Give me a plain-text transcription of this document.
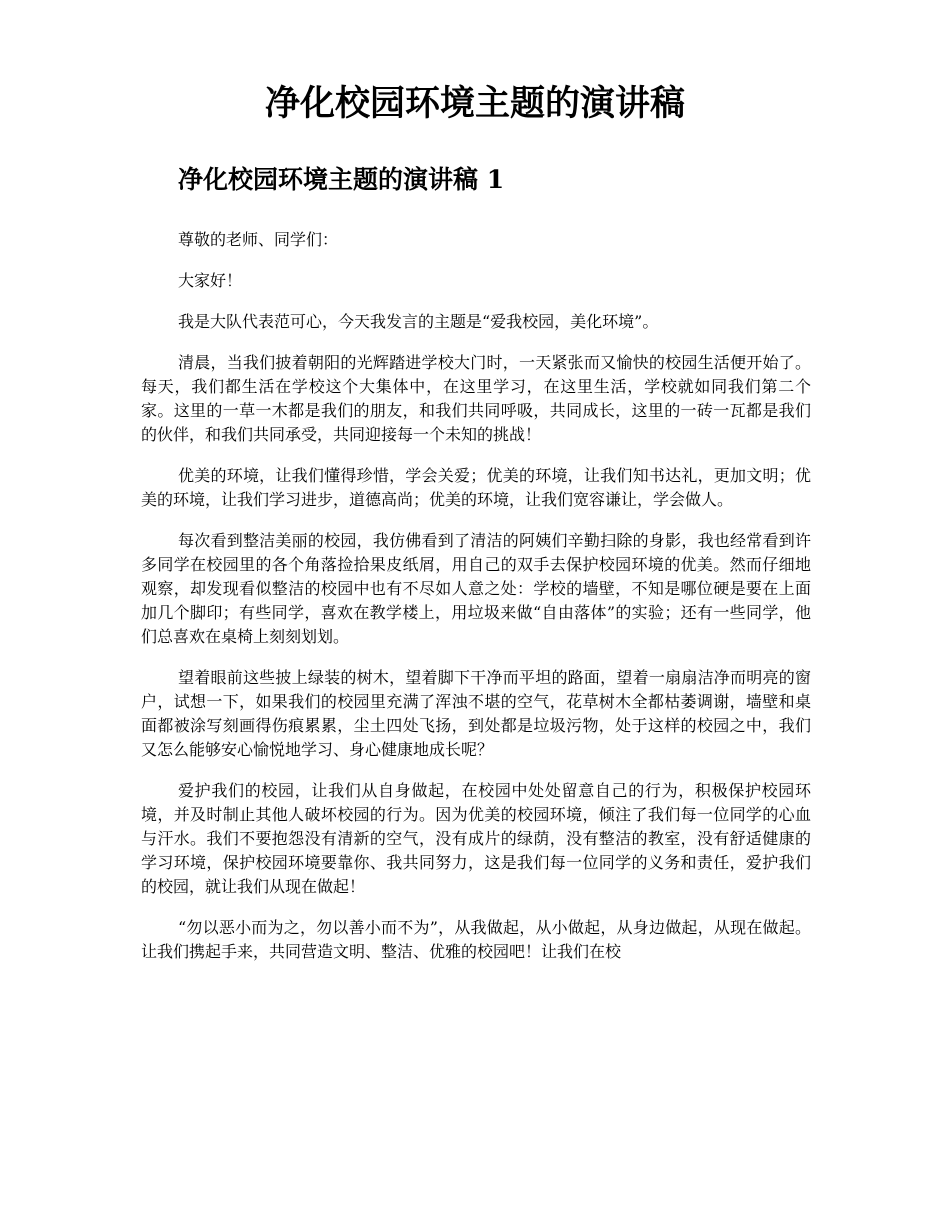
净化校园环境主题的演讲稿
净化校园环境主题的演讲稿 1

尊敬的老师、同学们：

大家好！

我是大队代表范可心，今天我发言的主题是“爱我校园，美化环境”。

清晨，当我们披着朝阳的光辉踏进学校大门时，一天紧张而又愉快的校园生活便开始了。每天，我们都生活在学校这个大集体中，在这里学习，在这里生活，学校就如同我们第二个家。这里的一草一木都是我们的朋友，和我们共同呼吸，共同成长，这里的一砖一瓦都是我们的伙伴，和我们共同承受，共同迎接每一个未知的挑战！

优美的环境，让我们懂得珍惜，学会关爱；优美的环境，让我们知书达礼，更加文明；优美的环境，让我们学习进步，道德高尚；优美的环境，让我们宽容谦让，学会做人。

每次看到整洁美丽的校园，我仿佛看到了清洁的阿姨们辛勤扫除的身影，我也经常看到许多同学在校园里的各个角落捡拾果皮纸屑，用自己的双手去保护校园环境的优美。然而仔细地观察，却发现看似整洁的校园中也有不尽如人意之处：学校的墙壁，不知是哪位硬是要在上面加几个脚印；有些同学，喜欢在教学楼上，用垃圾来做“自由落体”的实验；还有一些同学，他们总喜欢在桌椅上刻刻划划。

望着眼前这些披上绿装的树木，望着脚下干净而平坦的路面，望着一扇扇洁净而明亮的窗户，试想一下，如果我们的校园里充满了浑浊不堪的空气，花草树木全都枯萎调谢，墙壁和桌面都被涂写刻画得伤痕累累，尘土四处飞扬，到处都是垃圾污物，处于这样的校园之中，我们又怎么能够安心愉悦地学习、身心健康地成长呢？

爱护我们的校园，让我们从自身做起，在校园中处处留意自己的行为，积极保护校园环境，并及时制止其他人破坏校园的行为。因为优美的校园环境，倾注了我们每一位同学的心血与汗水。我们不要抱怨没有清新的空气，没有成片的绿荫，没有整洁的教室，没有舒适健康的学习环境，保护校园环境要靠你、我共同努力，这是我们每一位同学的义务和责任，爱护我们的校园，就让我们从现在做起！

“勿以恶小而为之，勿以善小而不为”，从我做起，从小做起，从身边做起，从现在做起。让我们携起手来，共同营造文明、整洁、优雅的校园吧！让我们在校
